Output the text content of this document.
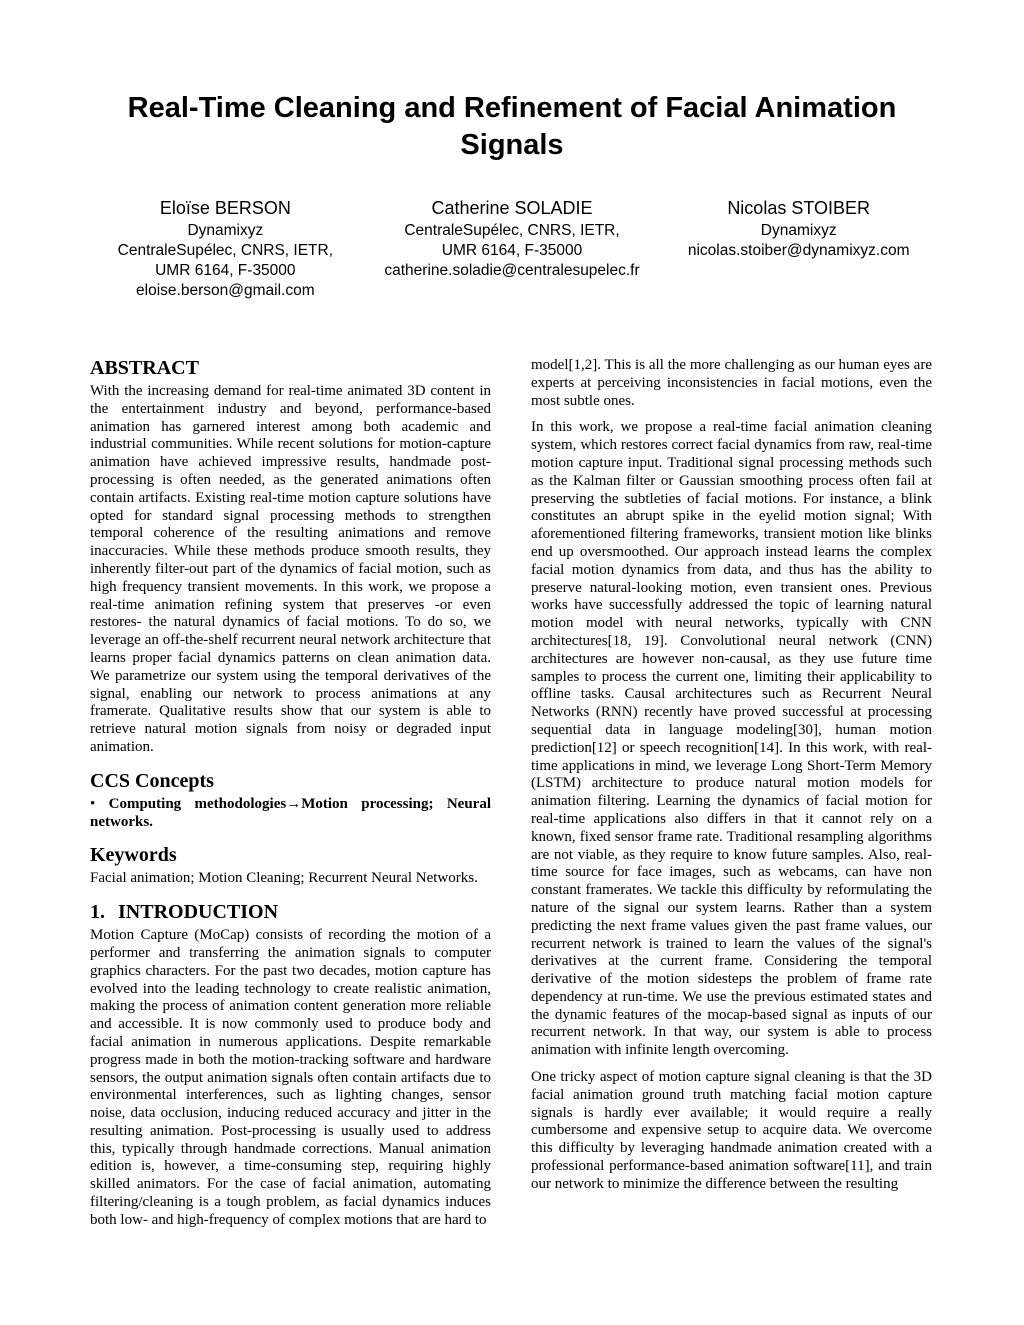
Real-Time Cleaning and Refinement of Facial Animation
Signals
Eloïse BERSON
Dynamixyz
CentraleSupélec, CNRS, IETR,
UMR 6164, F-35000
eloise.berson@gmail.com
Catherine SOLADIE
CentraleSupélec, CNRS, IETR,
UMR 6164, F-35000
catherine.soladie@centralesupelec.fr
Nicolas STOIBER
Dynamixyz
nicolas.stoiber@dynamixyz.com
ABSTRACT

With the increasing demand for real-time animated 3D content in the entertainment industry and beyond, performance-based animation has garnered interest among both academic and industrial communities. While recent solutions for motion-capture animation have achieved impressive results, handmade post-processing is often needed, as the generated animations often contain artifacts. Existing real-time motion capture solutions have opted for standard signal processing methods to strengthen temporal coherence of the resulting animations and remove inaccuracies. While these methods produce smooth results, they inherently filter-out part of the dynamics of facial motion, such as high frequency transient movements. In this work, we propose a real-time animation refining system that preserves -or even restores- the natural dynamics of facial motions. To do so, we leverage an off-the-shelf recurrent neural network architecture that learns proper facial dynamics patterns on clean animation data. We parametrize our system using the temporal derivatives of the signal, enabling our network to process animations at any framerate. Qualitative results show that our system is able to retrieve natural motion signals from noisy or degraded input animation.

CCS Concepts

• Computing methodologies→Motion processing; Neural networks.

Keywords

Facial animation; Motion Cleaning; Recurrent Neural Networks.

1. INTRODUCTION

Motion Capture (MoCap) consists of recording the motion of a performer and transferring the animation signals to computer graphics characters. For the past two decades, motion capture has evolved into the leading technology to create realistic animation, making the process of animation content generation more reliable and accessible. It is now commonly used to produce body and facial animation in numerous applications. Despite remarkable progress made in both the motion-tracking software and hardware sensors, the output animation signals often contain artifacts due to environmental interferences, such as lighting changes, sensor noise, data occlusion, inducing reduced accuracy and jitter in the resulting animation. Post-processing is usually used to address this, typically through handmade corrections. Manual animation edition is, however, a time-consuming step, requiring highly skilled animators. For the case of facial animation, automating filtering/cleaning is a tough problem, as facial dynamics induces both low- and high-frequency of complex motions that are hard to

model[1,2]. This is all the more challenging as our human eyes are experts at perceiving inconsistencies in facial motions, even the most subtle ones.

In this work, we propose a real-time facial animation cleaning system, which restores correct facial dynamics from raw, real-time motion capture input. Traditional signal processing methods such as the Kalman filter or Gaussian smoothing process often fail at preserving the subtleties of facial motions. For instance, a blink constitutes an abrupt spike in the eyelid motion signal; With aforementioned filtering frameworks, transient motion like blinks end up oversmoothed. Our approach instead learns the complex facial motion dynamics from data, and thus has the ability to preserve natural-looking motion, even transient ones. Previous works have successfully addressed the topic of learning natural motion model with neural networks, typically with CNN architectures[18, 19]. Convolutional neural network (CNN) architectures are however non-causal, as they use future time samples to process the current one, limiting their applicability to offline tasks. Causal architectures such as Recurrent Neural Networks (RNN) recently have proved successful at processing sequential data in language modeling[30], human motion prediction[12] or speech recognition[14]. In this work, with real-time applications in mind, we leverage Long Short-Term Memory (LSTM) architecture to produce natural motion models for animation filtering. Learning the dynamics of facial motion for real-time applications also differs in that it cannot rely on a known, fixed sensor frame rate. Traditional resampling algorithms are not viable, as they require to know future samples. Also, real-time source for face images, such as webcams, can have non constant framerates. We tackle this difficulty by reformulating the nature of the signal our system learns. Rather than a system predicting the next frame values given the past frame values, our recurrent network is trained to learn the values of the signal's derivatives at the current frame. Considering the temporal derivative of the motion sidesteps the problem of frame rate dependency at run-time. We use the previous estimated states and the dynamic features of the mocap-based signal as inputs of our recurrent network. In that way, our system is able to process animation with infinite length overcoming.

One tricky aspect of motion capture signal cleaning is that the 3D facial animation ground truth matching facial motion capture signals is hardly ever available; it would require a really cumbersome and expensive setup to acquire data. We overcome this difficulty by leveraging handmade animation created with a professional performance-based animation software[11], and train our network to minimize the difference between the resulting
